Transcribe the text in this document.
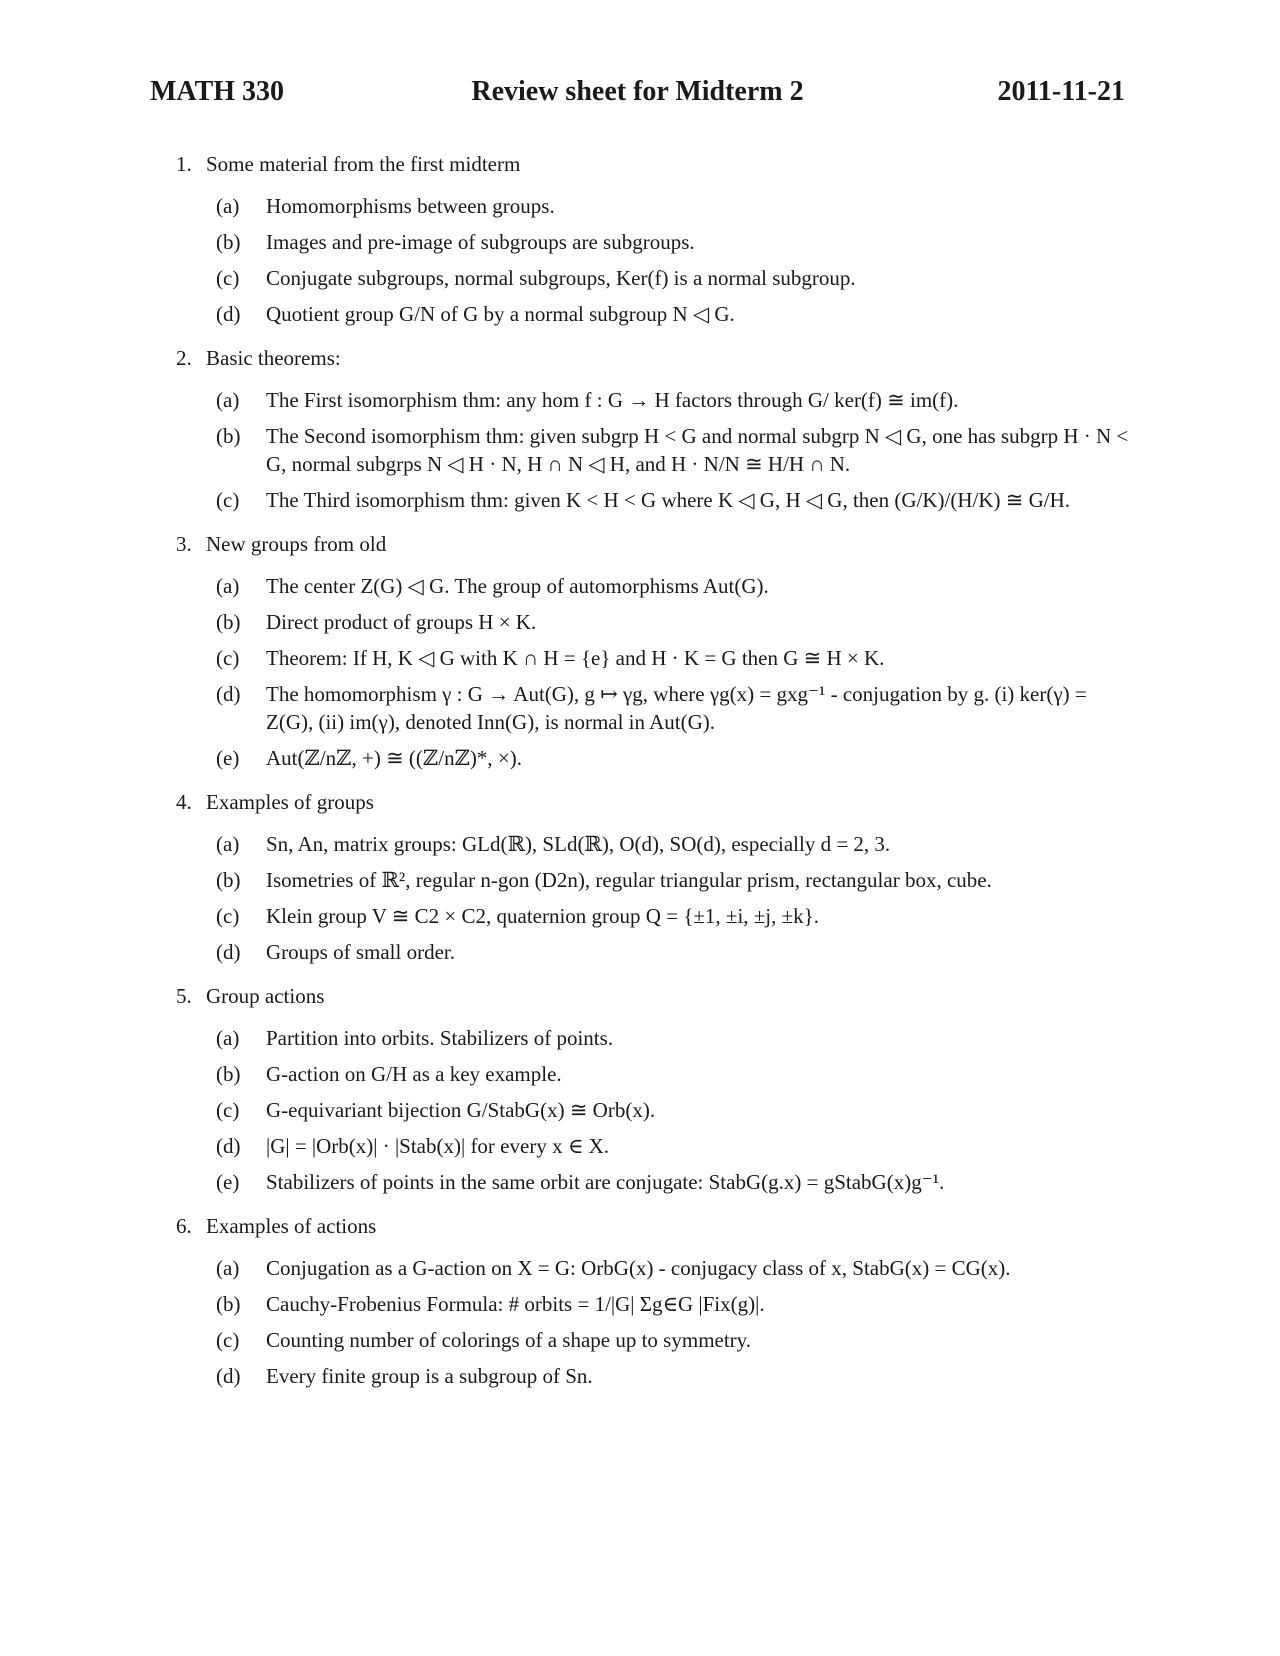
MATH 330	Review sheet for Midterm 2	2011-11-21
1. Some material from the first midterm
(a)	Homomorphisms between groups.
(b)	Images and pre-image of subgroups are subgroups.
(c)	Conjugate subgroups, normal subgroups, Ker(f) is a normal subgroup.
(d)	Quotient group G/N of G by a normal subgroup N ◁ G.
2. Basic theorems:
(a)	The First isomorphism thm: any hom f : G → H factors through G/ ker(f) ≅ im(f).
(b)	The Second isomorphism thm: given subgrp H < G and normal subgrp N ◁ G, one has subgrp H · N < G, normal subgrps N ◁ H · N, H ∩ N ◁ H, and H · N/N ≅ H/H ∩ N.
(c)	The Third isomorphism thm: given K < H < G where K ◁ G, H ◁ G, then (G/K)/(H/K) ≅ G/H.
3. New groups from old
(a)	The center Z(G) ◁ G. The group of automorphisms Aut(G).
(b)	Direct product of groups H × K.
(c)	Theorem: If H, K ◁ G with K ∩ H = {e} and H · K = G then G ≅ H × K.
(d)	The homomorphism γ : G → Aut(G), g ↦ γg, where γg(x) = gxg⁻¹ - conjugation by g. (i) ker(γ) = Z(G), (ii) im(γ), denoted Inn(G), is normal in Aut(G).
(e)	Aut(ℤ/nℤ, +) ≅ ((ℤ/nℤ)*, ×).
4. Examples of groups
(a)	Sn, An, matrix groups: GLd(ℝ), SLd(ℝ), O(d), SO(d), especially d = 2, 3.
(b)	Isometries of ℝ², regular n-gon (D2n), regular triangular prism, rectangular box, cube.
(c)	Klein group V ≅ C2 × C2, quaternion group Q = {±1, ±i, ±j, ±k}.
(d)	Groups of small order.
5. Group actions
(a)	Partition into orbits. Stabilizers of points.
(b)	G-action on G/H as a key example.
(c)	G-equivariant bijection G/StabG(x) ≅ Orb(x).
(d)	|G| = |Orb(x)| · |Stab(x)| for every x ∈ X.
(e)	Stabilizers of points in the same orbit are conjugate: StabG(g.x) = gStabG(x)g⁻¹.
6. Examples of actions
(a)	Conjugation as a G-action on X = G: OrbG(x) - conjugacy class of x, StabG(x) = CG(x).
(b)	Cauchy-Frobenius Formula: # orbits = 1/|G| Σg∈G |Fix(g)|.
(c)	Counting number of colorings of a shape up to symmetry.
(d)	Every finite group is a subgroup of Sn.
